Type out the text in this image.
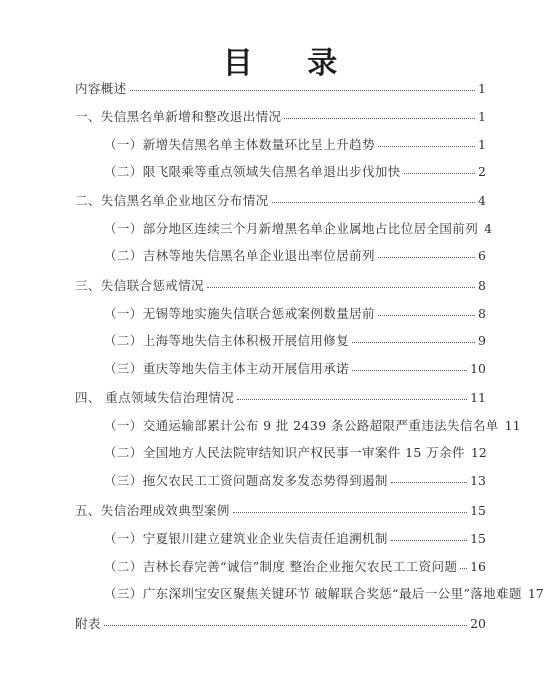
目 录
内容概述	1
一、失信黑名单新增和整改退出情况	1
（一）新增失信黑名单主体数量环比呈上升趋势	1
（二）限飞限乘等重点领域失信黑名单退出步伐加快	2
二、失信黑名单企业地区分布情况	4
（一）部分地区连续三个月新增黑名单企业属地占比位居全国前列 4
（二）吉林等地失信黑名单企业退出率位居前列	6
三、失信联合惩戒情况	8
（一）无锡等地实施失信联合惩戒案例数量居前	8
（二）上海等地失信主体积极开展信用修复	9
（三）重庆等地失信主体主动开展信用承诺	10
四、 重点领域失信治理情况	11
（一）交通运输部累计公布 9 批 2439 条公路超限严重违法失信名单 11
（二）全国地方人民法院审结知识产权民事一审案件 15 万余件 12
（三）拖欠农民工工资问题高发多发态势得到遏制	13
五、失信治理成效典型案例	15
（一）宁夏银川建立建筑业企业失信责任追溯机制	15
（二）吉林长春完善“诚信”制度 整治企业拖欠农民工工资问题 16
（三）广东深圳宝安区聚焦关键环节 破解联合奖惩“最后一公里”落地难题 17
附表	20
